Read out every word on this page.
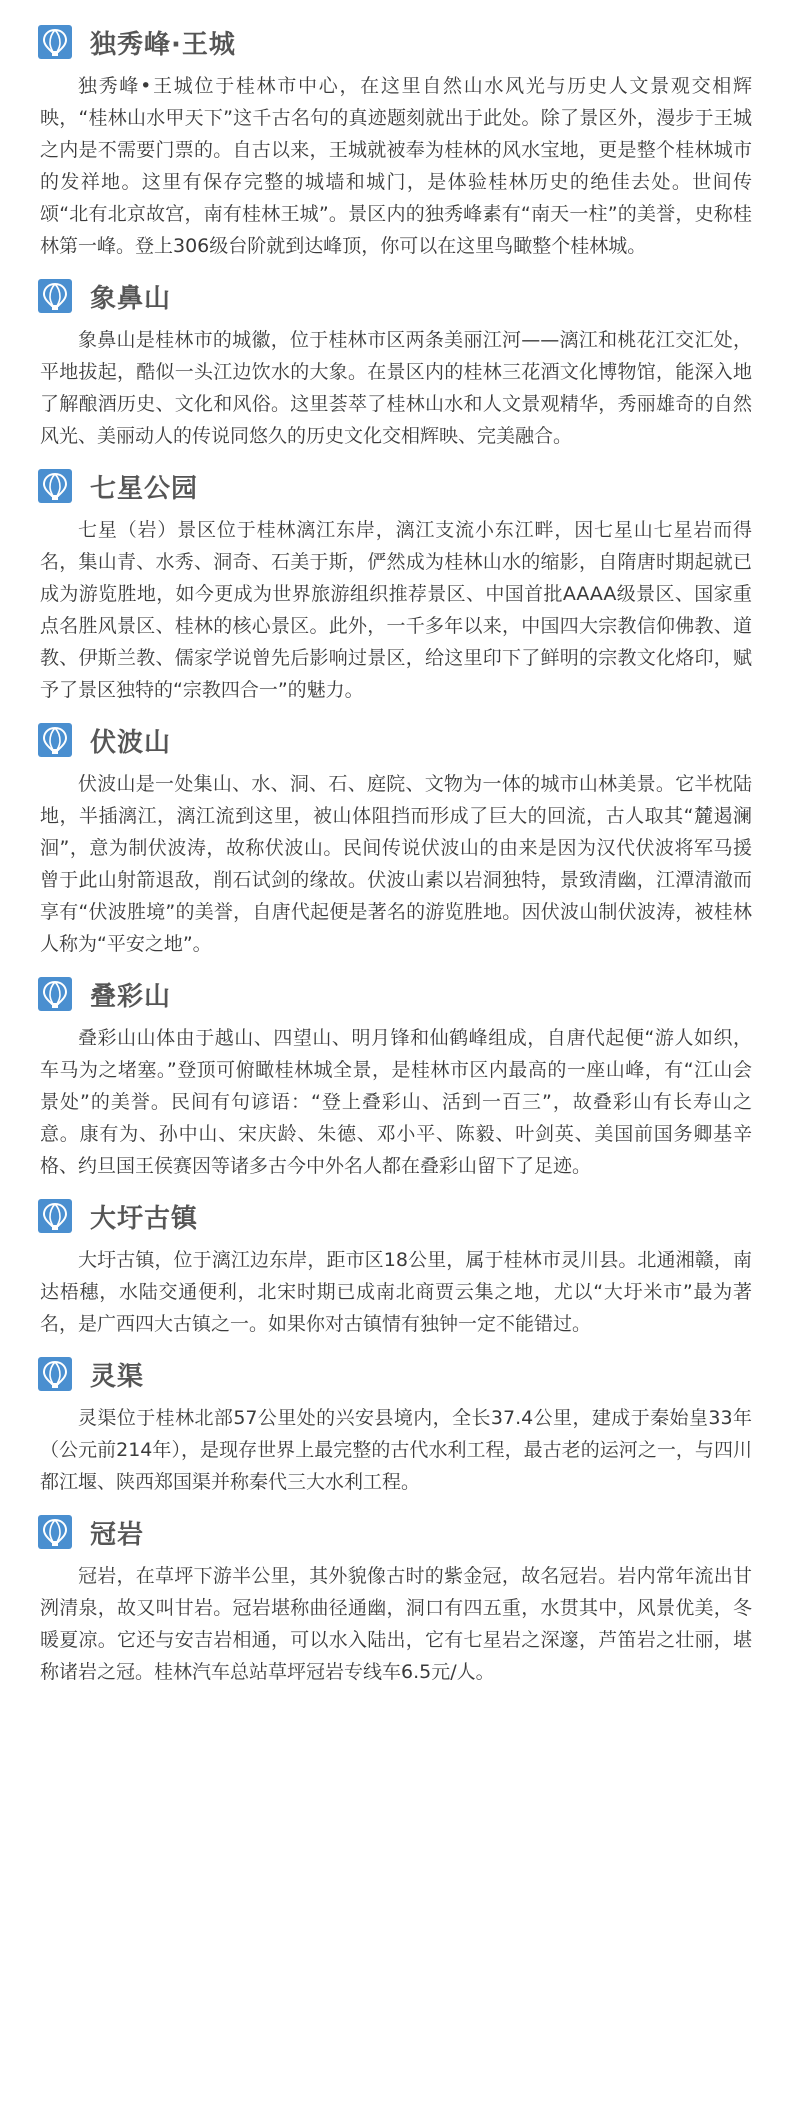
独秀峰·王城

独秀峰•王城位于桂林市中心，在这里自然山水风光与历史人文景观交相辉映，“桂林山水甲天下”这千古名句的真迹题刻就出于此处。除了景区外，漫步于王城之内是不需要门票的。自古以来，王城就被奉为桂林的风水宝地，更是整个桂林城市的发祥地。这里有保存完整的城墙和城门，是体验桂林历史的绝佳去处。世间传颂“北有北京故宫，南有桂林王城”。景区内的独秀峰素有“南天一柱”的美誉，史称桂林第一峰。登上306级台阶就到达峰顶，你可以在这里鸟瞰整个桂林城。

象鼻山

象鼻山是桂林市的城徽，位于桂林市区两条美丽江河——漓江和桃花江交汇处，平地拔起，酷似一头江边饮水的大象。在景区内的桂林三花酒文化博物馆，能深入地了解酿酒历史、文化和风俗。这里荟萃了桂林山水和人文景观精华，秀丽雄奇的自然风光、美丽动人的传说同悠久的历史文化交相辉映、完美融合。

七星公园

七星（岩）景区位于桂林漓江东岸，漓江支流小东江畔，因七星山七星岩而得名，集山青、水秀、洞奇、石美于斯，俨然成为桂林山水的缩影，自隋唐时期起就已成为游览胜地，如今更成为世界旅游组织推荐景区、中国首批AAAA级景区、国家重点名胜风景区、桂林的核心景区。此外，一千多年以来，中国四大宗教信仰佛教、道教、伊斯兰教、儒家学说曾先后影响过景区，给这里印下了鲜明的宗教文化烙印，赋予了景区独特的“宗教四合一”的魅力。

伏波山

伏波山是一处集山、水、洞、石、庭院、文物为一体的城市山林美景。它半枕陆地，半插漓江，漓江流到这里，被山体阻挡而形成了巨大的回流，古人取其“麓遏澜洄”，意为制伏波涛，故称伏波山。民间传说伏波山的由来是因为汉代伏波将军马援曾于此山射箭退敌，削石试剑的缘故。伏波山素以岩洞独特，景致清幽，江潭清澈而享有“伏波胜境”的美誉，自唐代起便是著名的游览胜地。因伏波山制伏波涛，被桂林人称为“平安之地”。

叠彩山

叠彩山山体由于越山、四望山、明月锋和仙鹤峰组成，自唐代起便“游人如织，车马为之堵塞。”登顶可俯瞰桂林城全景，是桂林市区内最高的一座山峰，有“江山会景处”的美誉。民间有句谚语：“登上叠彩山、活到一百三”，故叠彩山有长寿山之意。康有为、孙中山、宋庆龄、朱德、邓小平、陈毅、叶剑英、美国前国务卿基辛格、约旦国王侯赛因等诸多古今中外名人都在叠彩山留下了足迹。

大圩古镇

大圩古镇，位于漓江边东岸，距市区18公里，属于桂林市灵川县。北通湘赣，南达梧穗，水陆交通便利，北宋时期已成南北商贾云集之地，尤以“大圩米市”最为著名，是广西四大古镇之一。如果你对古镇情有独钟一定不能错过。

灵渠

灵渠位于桂林北部57公里处的兴安县境内，全长37.4公里，建成于秦始皇33年（公元前214年），是现存世界上最完整的古代水利工程，最古老的运河之一，与四川都江堰、陕西郑国渠并称秦代三大水利工程。

冠岩

冠岩，在草坪下游半公里，其外貌像古时的紫金冠，故名冠岩。岩内常年流出甘洌清泉，故又叫甘岩。冠岩堪称曲径通幽，洞口有四五重，水贯其中，风景优美，冬暖夏凉。它还与安吉岩相通，可以水入陆出，它有七星岩之深邃，芦笛岩之壮丽，堪称诸岩之冠。桂林汽车总站草坪冠岩专线车6.5元/人。
